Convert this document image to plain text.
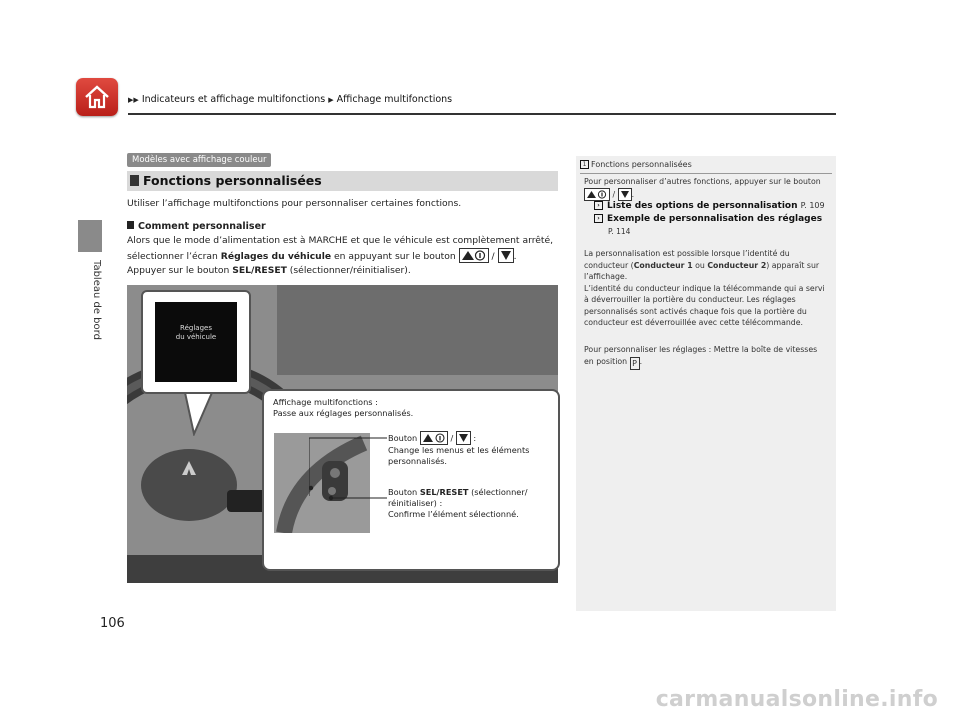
▶▶ Indicateurs et affichage multifonctions ▶ Affichage multifonctions
Tableau de bord
106
Modèles avec affichage couleur
Fonctions personnalisées
Utiliser l’affichage multifonctions pour personnaliser certaines fonctions.
Comment personnaliser
Alors que le mode d’alimentation est à MARCHE et que le véhicule est complètement arrêté,
sélectionner l’écran Réglages du véhicule en appuyant sur le bouton	/ .
Appuyer sur le bouton SEL/RESET (sélectionner/réinitialiser).
Réglages
du véhicule
Affichage multifonctions :
Passe aux réglages personnalisés.
Bouton	/  :
Change les menus et les éléments
personnalisés.
Bouton SEL/RESET (sélectionner/
réinitialiser) :
Confirme l’élément sélectionné.
1 Fonctions personnalisées
Pour personnaliser d’autres fonctions, appuyer sur le bouton
/ .
› Liste des options de personnalisation P. 109
› Exemple de personnalisation des réglages
P. 114
La personnalisation est possible lorsque l’identité du
conducteur (Conducteur 1 ou Conducteur 2) apparaît sur
l’affichage.
L’identité du conducteur indique la télécommande qui a servi
à déverrouiller la portière du conducteur. Les réglages
personnalisés sont activés chaque fois que la portière du
conducteur est déverrouillée avec cette télécommande.
Pour personnaliser les réglages : Mettre la boîte de vitesses
en position P .
carmanualsonline.info
